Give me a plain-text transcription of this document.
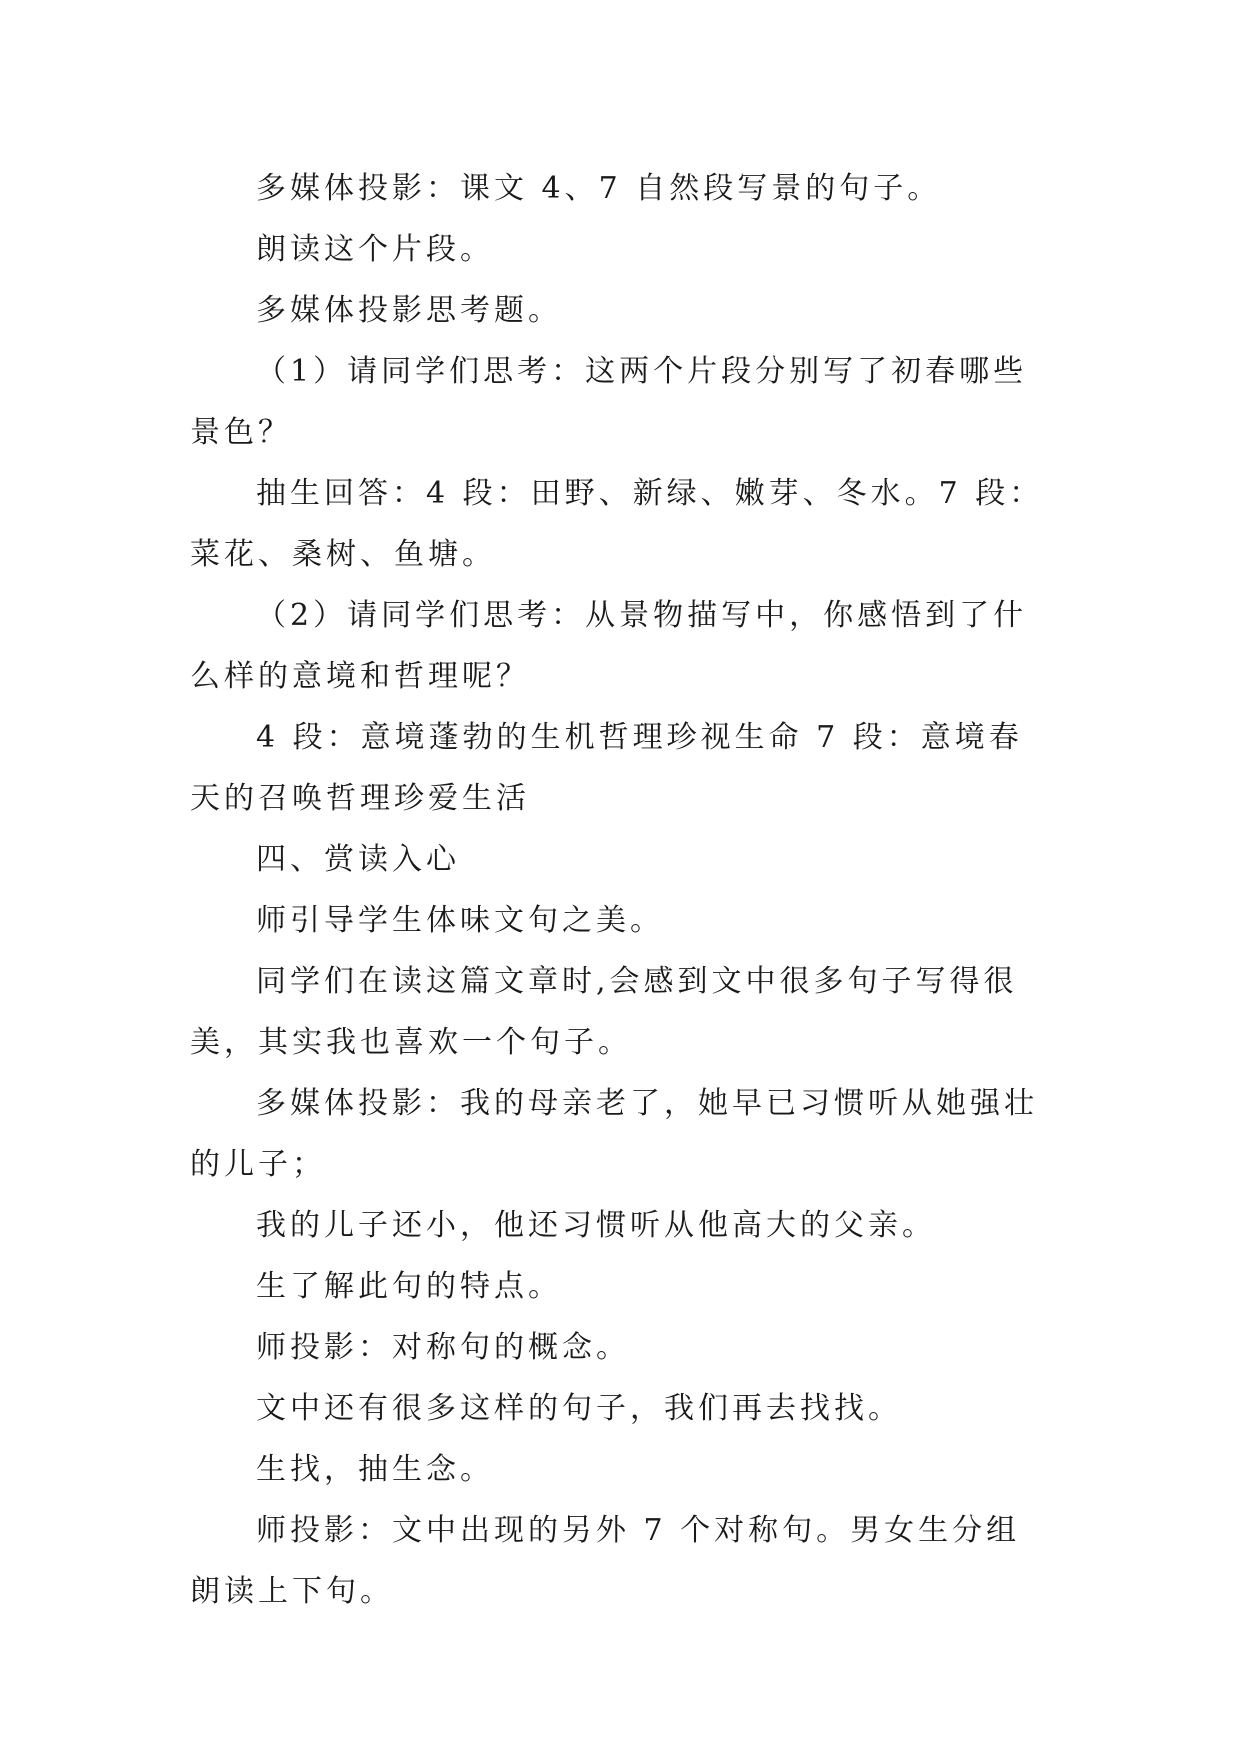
多媒体投影：课文 4、7 自然段写景的句子。

朗读这个片段。

多媒体投影思考题。

（1）请同学们思考：这两个片段分别写了初春哪些景色？

抽生回答：4 段：田野、新绿、嫩芽、冬水。7 段：菜花、桑树、鱼塘。

（2）请同学们思考：从景物描写中，你感悟到了什么样的意境和哲理呢？

4 段：意境蓬勃的生机哲理珍视生命 7 段：意境春天的召唤哲理珍爱生活

四、赏读入心

师引导学生体味文句之美。

同学们在读这篇文章时,会感到文中很多句子写得很美，其实我也喜欢一个句子。

多媒体投影：我的母亲老了，她早已习惯听从她强壮的儿子；

我的儿子还小，他还习惯听从他高大的父亲。

生了解此句的特点。

师投影：对称句的概念。

文中还有很多这样的句子，我们再去找找。

生找，抽生念。

师投影：文中出现的另外 7 个对称句。男女生分组朗读上下句。
